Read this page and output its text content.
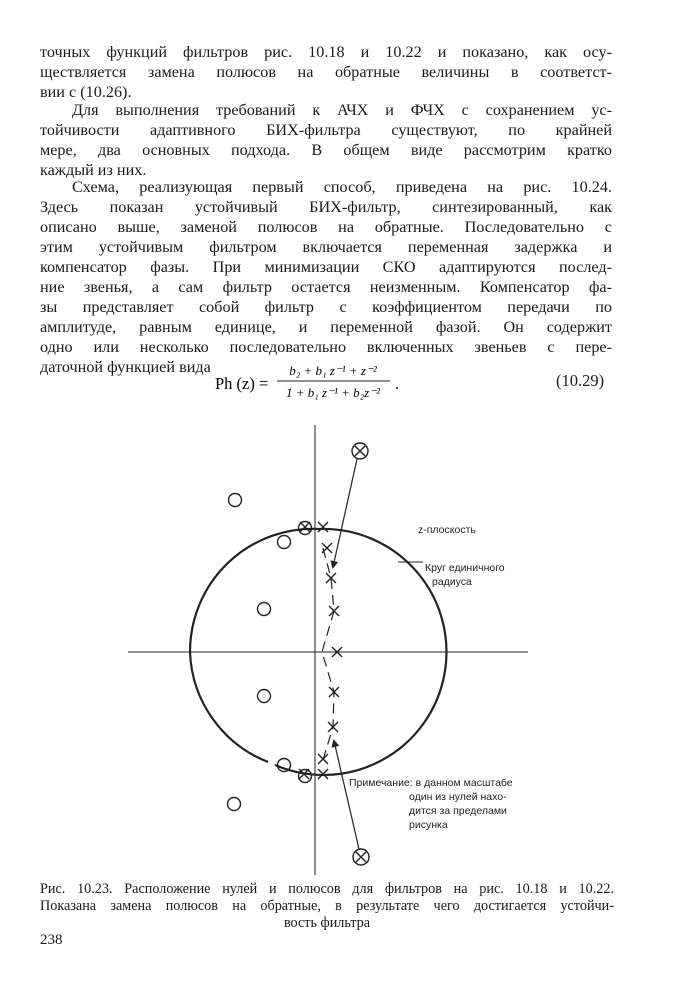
точных функций фильтров рис. 10.18 и 10.22 и показано, как осу-
ществляется замена полюсов на обратные величины в соответст-
вии с (10.26).
Для выполнения требований к АЧХ и ФЧХ с сохранением ус-
тойчивости адаптивного БИХ-фильтра существуют, по крайней
мере, два основных подхода. В общем виде рассмотрим кратко
каждый из них.
Схема, реализующая первый способ, приведена на рис. 10.24.
Здесь показан устойчивый БИХ-фильтр, синтезированный, как
описано выше, заменой полюсов на обратные. Последовательно с
этим устойчивым фильтром включается переменная задержка и
компенсатор фазы. При минимизации СКО адаптируются послед-
ние звенья, а сам фильтр остается неизменным. Компенсатор фа-
зы представляет собой фильтр с коэффициентом передачи по
амплитуде, равным единице, и переменной фазой. Он содержит
одно или несколько последовательно включенных звеньев с пере-
даточной функцией вида
Ph (z) =
b₂ + b₁ z⁻¹ + z⁻²
1 + b₁ z⁻¹ + b₂z⁻² .	(10.29)
z-плоскость
Круг единичного
радиуса
Примечание: в данном масштабе
один из нулей нахо-
дится за пределами
рисунка
Рис. 10.23. Расположение нулей и полюсов для фильтров на рис. 10.18 и 10.22.
Показана замена полюсов на обратные, в результате чего достигается устойчи-
вость фильтра
238
